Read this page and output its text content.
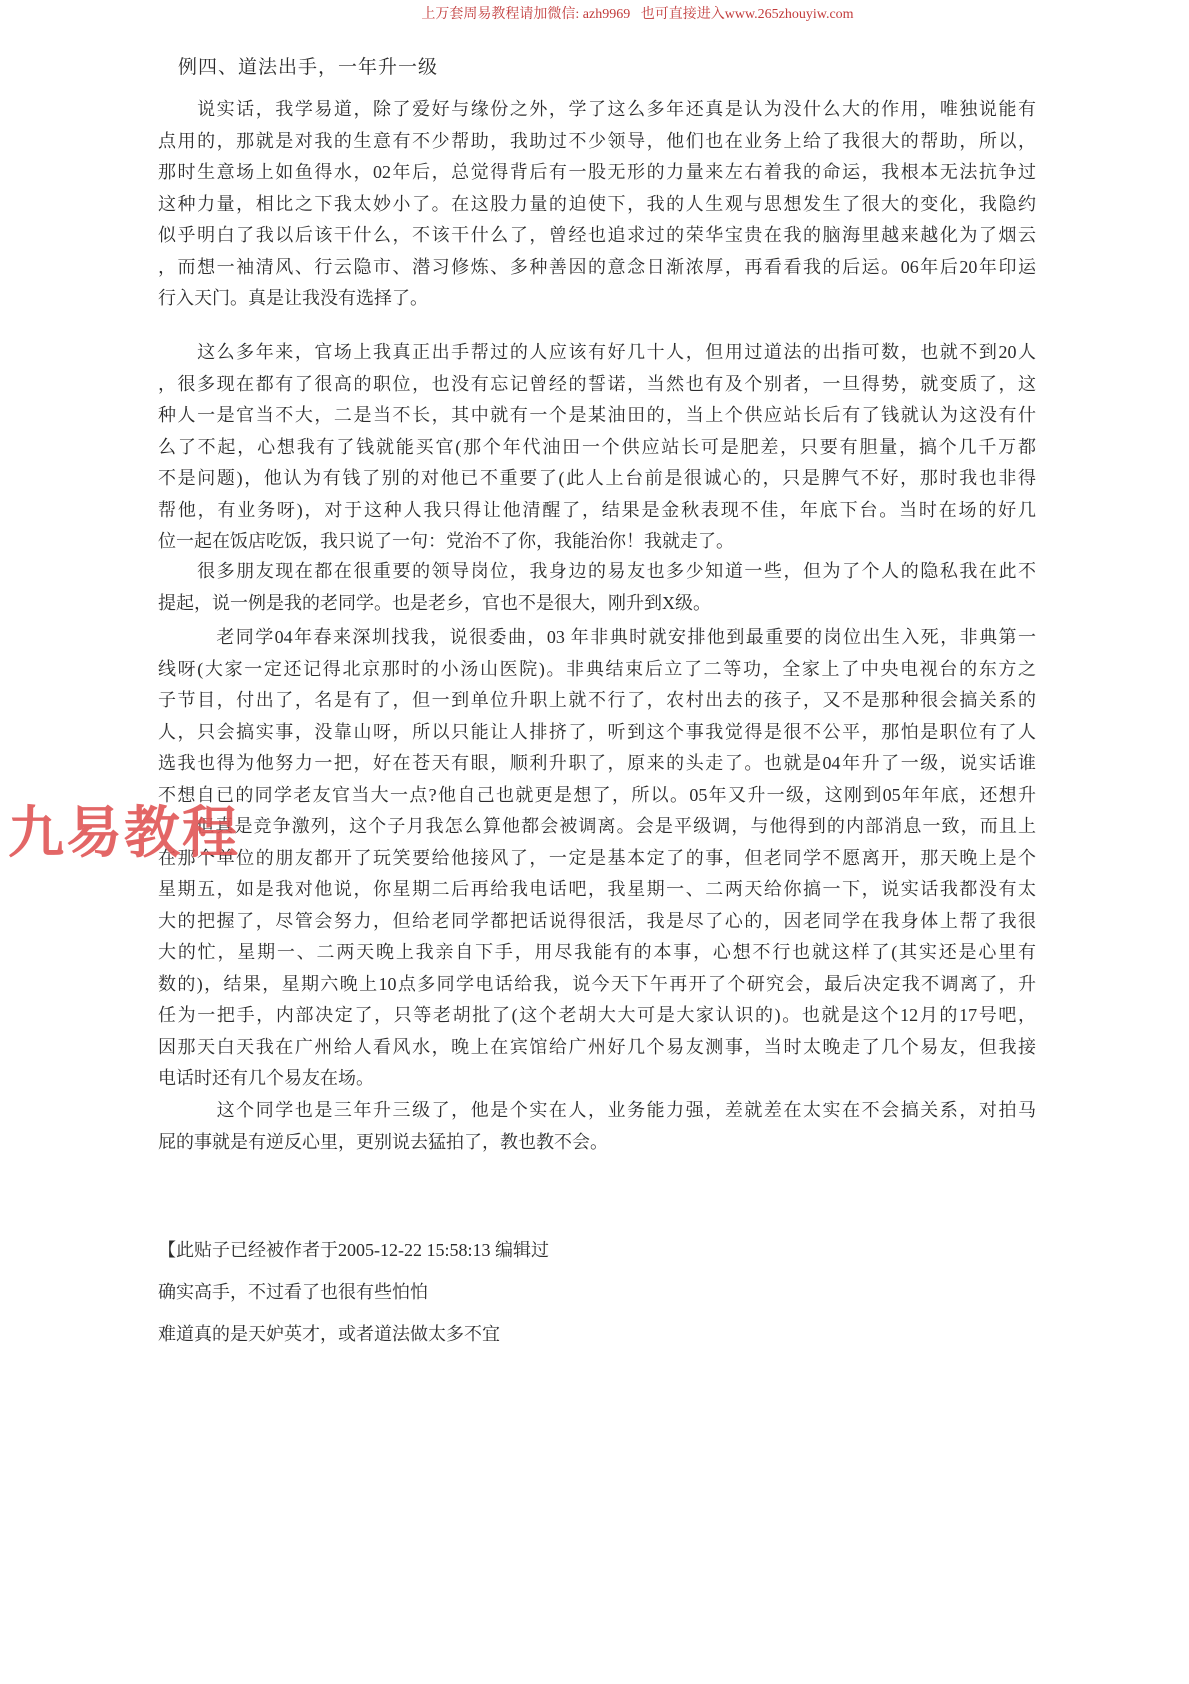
上万套周易教程请加微信: azh9969   也可直接进入www.265zhouyiw.com
例四、道法出手，一年升一级
　　说实话，我学易道，除了爱好与缘份之外，学了这么多年还真是认为没什么大的作用，唯独说能有
点用的，那就是对我的生意有不少帮助，我助过不少领导，他们也在业务上给了我很大的帮助，所以，
那时生意场上如鱼得水，02年后，总觉得背后有一股无形的力量来左右着我的命运，我根本无法抗争过
这种力量，相比之下我太妙小了。在这股力量的迫使下，我的人生观与思想发生了很大的变化，我隐约
似乎明白了我以后该干什么，不该干什么了，曾经也追求过的荣华宝贵在我的脑海里越来越化为了烟云
，而想一袖清风、行云隐市、潜习修炼、多种善因的意念日渐浓厚，再看看我的后运。06年后20年印运
行入天门。真是让我没有选择了。
　　这么多年来，官场上我真正出手帮过的人应该有好几十人，但用过道法的出指可数，也就不到20人
，很多现在都有了很高的职位，也没有忘记曾经的誓诺，当然也有及个别者，一旦得势，就变质了，这
种人一是官当不大，二是当不长，其中就有一个是某油田的，当上个供应站长后有了钱就认为这没有什
么了不起，心想我有了钱就能买官(那个年代油田一个供应站长可是肥差，只要有胆量，搞个几千万都
不是问题)，他认为有钱了别的对他已不重要了(此人上台前是很诚心的，只是脾气不好，那时我也非得
帮他，有业务呀)，对于这种人我只得让他清醒了，结果是金秋表现不佳，年底下台。当时在场的好几
位一起在饭店吃饭，我只说了一句：党治不了你，我能治你！我就走了。
　　很多朋友现在都在很重要的领导岗位，我身边的易友也多少知道一些，但为了个人的隐私我在此不
提起，说一例是我的老同学。也是老乡，官也不是很大，刚升到X级。
　　　老同学04年春来深圳找我，说很委曲，03 年非典时就安排他到最重要的岗位出生入死，非典第一
线呀(大家一定还记得北京那时的小汤山医院)。非典结束后立了二等功，全家上了中央电视台的东方之
子节目，付出了，名是有了，但一到单位升职上就不行了，农村出去的孩子，又不是那种很会搞关系的
人，只会搞实事，没靠山呀，所以只能让人排挤了，听到这个事我觉得是很不公平，那怕是职位有了人
选我也得为他努力一把，好在苍天有眼，顺利升职了，原来的头走了。也就是04年升了一级，说实话谁
不想自已的同学老友官当大一点?他自己也就更是想了，所以。05年又升一级，这刚到05年年底，还想升
　　但真是竞争激列，这个子月我怎么算他都会被调离。会是平级调，与他得到的内部消息一致，而且上
在那个单位的朋友都开了玩笑要给他接风了，一定是基本定了的事，但老同学不愿离开，那天晚上是个
星期五，如是我对他说，你星期二后再给我电话吧，我星期一、二两天给你搞一下，说实话我都没有太
大的把握了，尽管会努力，但给老同学都把话说得很活，我是尽了心的，因老同学在我身体上帮了我很
大的忙，星期一、二两天晚上我亲自下手，用尽我能有的本事，心想不行也就这样了(其实还是心里有
数的)，结果，星期六晚上10点多同学电话给我，说今天下午再开了个研究会，最后决定我不调离了，升
任为一把手，内部决定了，只等老胡批了(这个老胡大大可是大家认识的)。也就是这个12月的17号吧，
因那天白天我在广州给人看风水，晚上在宾馆给广州好几个易友测事，当时太晚走了几个易友，但我接
电话时还有几个易友在场。
　　　这个同学也是三年升三级了，他是个实在人，业务能力强，差就差在太实在不会搞关系，对拍马
屁的事就是有逆反心里，更别说去猛拍了，教也教不会。
【此贴子已经被作者于2005-12-22 15:58:13 编辑过
确实高手，不过看了也很有些怕怕
难道真的是天妒英才，或者道法做太多不宜
九易教程
